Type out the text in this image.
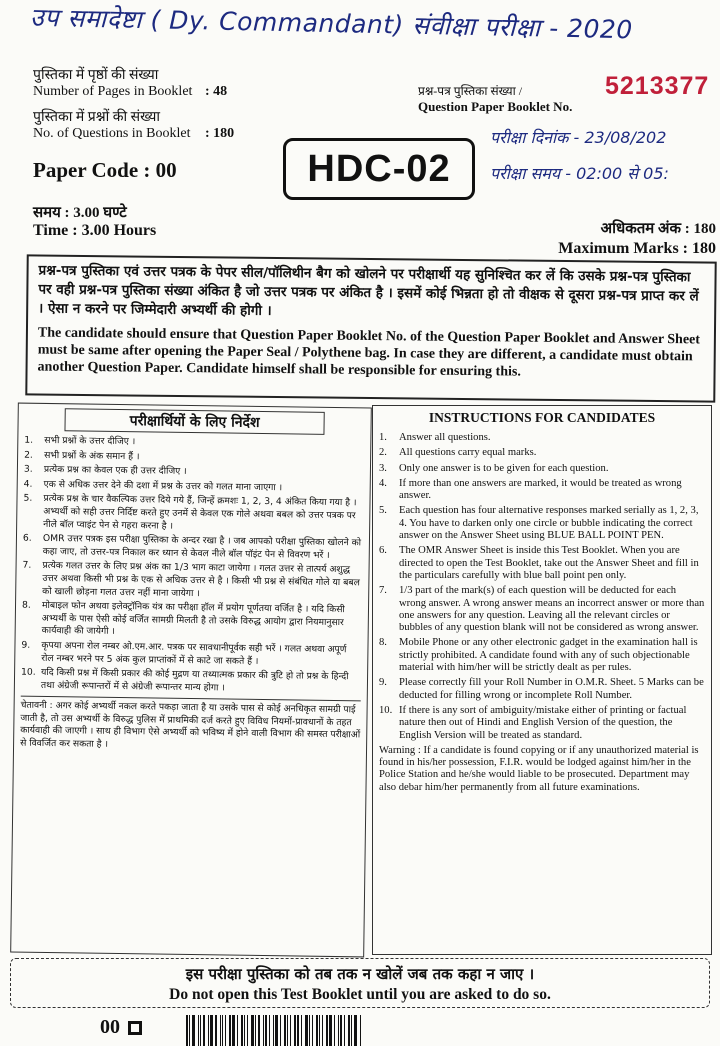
उप समादेष्टा ( Dy. Commandant) संवीक्षा परीक्षा - 2020
पुस्तिका में पृष्ठों की संख्या
Number of Pages in Booklet : 48
पुस्तिका में प्रश्नों की संख्या
No. of Questions in Booklet	: 180
प्रश्न-पत्र पुस्तिका संख्या /
Question Paper Booklet No.
5213377
परीक्षा दिनांक - 23/08/202
परीक्षा समय - 02:00 से 05:
Paper Code : 00	HDC-02
समय : 3.00 घण्टे
Time : 3.00 Hours	अधिकतम अंक : 180
Maximum Marks : 180

प्रश्न-पत्र पुस्तिका एवं उत्तर पत्रक के पेपर सील/पॉलिथीन बैग को खोलने पर परीक्षार्थी यह सुनिश्चित कर लें कि उसके प्रश्न-पत्र पुस्तिका पर वही प्रश्न-पत्र पुस्तिका संख्या अंकित है जो उत्तर पत्रक पर अंकित है । इसमें कोई भिन्नता हो तो वीक्षक से दूसरा प्रश्न-पत्र प्राप्त कर लें । ऐसा न करने पर जिम्मेदारी अभ्यर्थी की होगी ।

The candidate should ensure that Question Paper Booklet No. of the Question Paper Booklet and Answer Sheet must be same after opening the Paper Seal / Polythene bag. In case they are different, a candidate must obtain another Question Paper. Candidate himself shall be responsible for ensuring this.

परीक्षार्थियों के लिए निर्देश
1.	सभी प्रश्नों के उत्तर दीजिए ।
2.	सभी प्रश्नों के अंक समान हैं ।
3.	प्रत्येक प्रश्न का केवल एक ही उत्तर दीजिए ।
4.	एक से अधिक उत्तर देने की दशा में प्रश्न के उत्तर को गलत माना जाएगा ।
5.	प्रत्येक प्रश्न के चार वैकल्पिक उत्तर दिये गये हैं, जिन्हें क्रमशः 1, 2, 3, 4 अंकित किया गया है । अभ्यर्थी को सही उत्तर निर्दिष्ट करते हुए उनमें से केवल एक गोले अथवा बबल को उत्तर पत्रक पर नीले बॉल प्वाइंट पेन से गहरा करना है ।
6.	OMR उत्तर पत्रक इस परीक्षा पुस्तिका के अन्दर रखा है । जब आपको परीक्षा पुस्तिका खोलने को कहा जाए, तो उत्तर-पत्र निकाल कर ध्यान से केवल नीले बॉल पॉइंट पेन से विवरण भरें ।
7.	प्रत्येक गलत उत्तर के लिए प्रश्न अंक का 1/3 भाग काटा जायेगा । गलत उत्तर से तात्पर्य अशुद्ध उत्तर अथवा किसी भी प्रश्न के एक से अधिक उत्तर से है । किसी भी प्रश्न से संबंधित गोले या बबल को खाली छोड़ना गलत उत्तर नहीं माना जायेगा ।
8.	मोबाइल फोन अथवा इलेक्ट्रॉनिक यंत्र का परीक्षा हॉल में प्रयोग पूर्णतया वर्जित है । यदि किसी अभ्यर्थी के पास ऐसी कोई वर्जित सामग्री मिलती है तो उसके विरुद्ध आयोग द्वारा नियमानुसार कार्यवाही की जायेगी ।
9.	कृपया अपना रोल नम्बर ओ.एम.आर. पत्रक पर सावधानीपूर्वक सही भरें । गलत अथवा अपूर्ण रोल नम्बर भरने पर 5 अंक कुल प्राप्तांकों में से काटे जा सकते हैं ।
10. यदि किसी प्रश्न में किसी प्रकार की कोई मुद्रण या तथ्यात्मक प्रकार की त्रुटि हो तो प्रश्न के हिन्दी तथा अंग्रेजी रूपान्तरों में से अंग्रेजी रूपान्तर मान्य होगा ।

चेतावनी : अगर कोई अभ्यर्थी नकल करते पकड़ा जाता है या उसके पास से कोई अनधिकृत सामग्री पाई जाती है, तो उस अभ्यर्थी के विरुद्ध पुलिस में प्राथमिकी दर्ज करते हुए विविध नियमों-प्रावधानों के तहत कार्यवाही की जाएगी । साथ ही विभाग ऐसे अभ्यर्थी को भविष्य में होने वाली विभाग की समस्त परीक्षाओं से विवर्जित कर सकता है ।

INSTRUCTIONS FOR CANDIDATES
1.	Answer all questions.
2.	All questions carry equal marks.
3.	Only one answer is to be given for each question.
4.	If more than one answers are marked, it would be treated as wrong answer.
5.	Each question has four alternative responses marked serially as 1, 2, 3, 4. You have to darken only one circle or bubble indicating the correct answer on the Answer Sheet using BLUE BALL POINT PEN.
6.	The OMR Answer Sheet is inside this Test Booklet. When you are directed to open the Test Booklet, take out the Answer Sheet and fill in the particulars carefully with blue ball point pen only.
7.	1/3 part of the mark(s) of each question will be deducted for each wrong answer. A wrong answer means an incorrect answer or more than one answers for any question. Leaving all the relevant circles or bubbles of any question blank will not be considered as wrong answer.
8.	Mobile Phone or any other electronic gadget in the examination hall is strictly prohibited. A candidate found with any of such objectionable material with him/her will be strictly dealt as per rules.
9.	Please correctly fill your Roll Number in O.M.R. Sheet. 5 Marks can be deducted for filling wrong or incomplete Roll Number.
10. If there is any sort of ambiguity/mistake either of printing or factual nature then out of Hindi and English Version of the question, the English Version will be treated as standard.

Warning : If a candidate is found copying or if any unauthorized material is found in his/her possession, F.I.R. would be lodged against him/her in the Police Station and he/she would liable to be prosecuted. Department may also debar him/her permanently from all future examinations.

इस परीक्षा पुस्तिका को तब तक न खोलें जब तक कहा न जाए ।
Do not open this Test Booklet until you are asked to do so.
00
